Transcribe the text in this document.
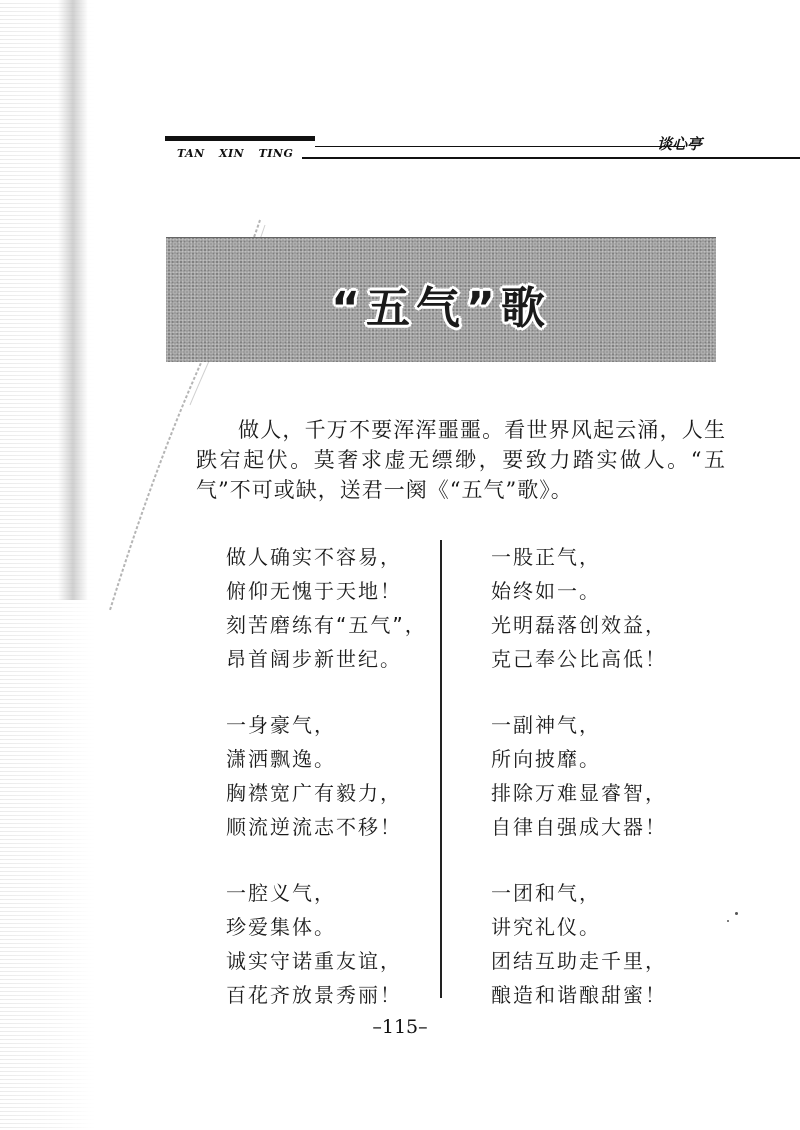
TAN XIN TING
谈心亭
“五气”歌
做人，千万不要浑浑噩噩。看世界风起云涌，人生跌宕起伏。莫奢求虚无缥缈，要致力踏实做人。“五气”不可或缺，送君一阕《“五气”歌》。
做人确实不容易，
俯仰无愧于天地！
刻苦磨练有“五气”，
昂首阔步新世纪。
一身豪气，
潇洒飘逸。
胸襟宽广有毅力，
顺流逆流志不移！
一腔义气，
珍爱集体。
诚实守诺重友谊，
百花齐放景秀丽！
一股正气，
始终如一。
光明磊落创效益，
克己奉公比高低！
一副神气，
所向披靡。
排除万难显睿智，
自律自强成大器！
一团和气，
讲究礼仪。
团结互助走千里，
酿造和谐酿甜蜜！
–115–
